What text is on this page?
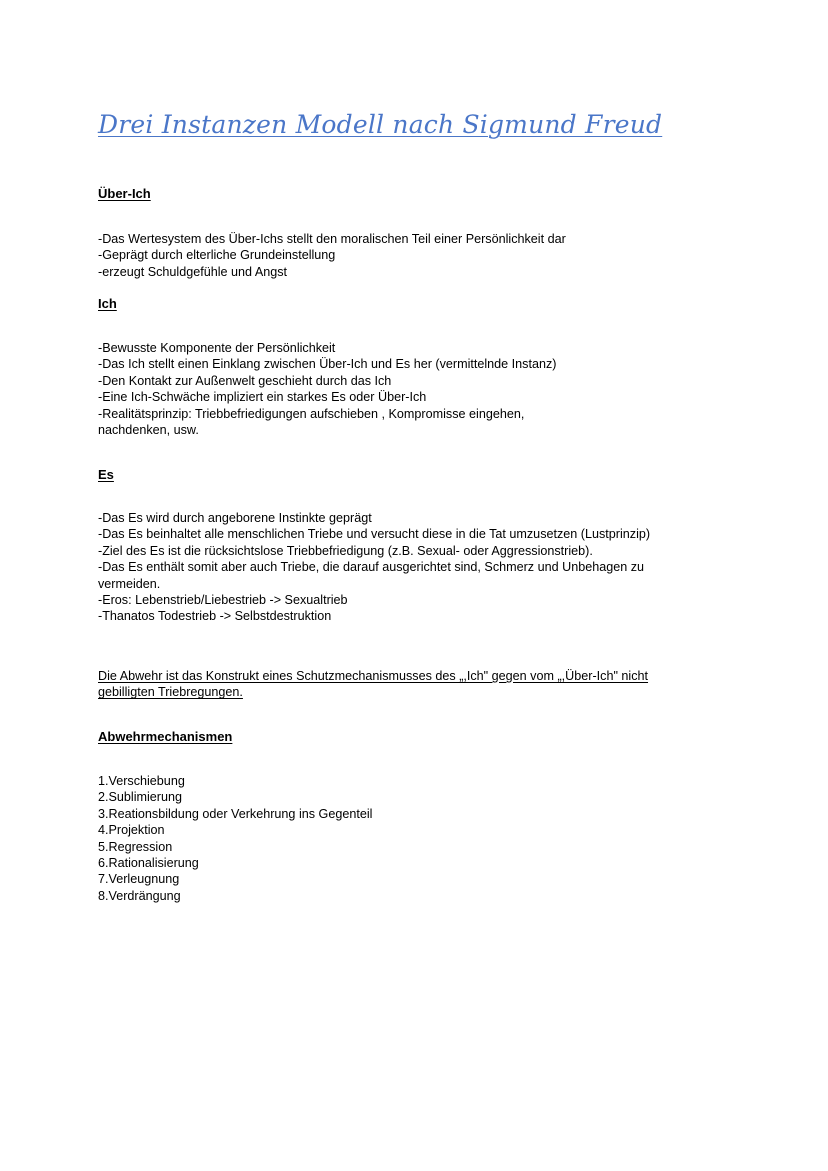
Drei Instanzen Modell nach Sigmund Freud
Über-Ich
-Das Wertesystem des Über-Ichs stellt den moralischen Teil einer Persönlichkeit dar
-Geprägt durch elterliche Grundeinstellung
-erzeugt Schuldgefühle und Angst
Ich
-Bewusste Komponente der Persönlichkeit
-Das Ich stellt einen Einklang zwischen Über-Ich und Es her (vermittelnde Instanz)
-Den Kontakt zur Außenwelt geschieht durch das Ich
-Eine Ich-Schwäche impliziert ein starkes Es oder Über-Ich
-Realitätsprinzip: Triebbefriedigungen aufschieben , Kompromisse eingehen,
nachdenken, usw.
Es
-Das Es wird durch angeborene Instinkte geprägt
-Das Es beinhaltet alle menschlichen Triebe und versucht diese in die Tat umzusetzen (Lustprinzip)
-Ziel des Es ist die rücksichtslose Triebbefriedigung (z.B. Sexual- oder Aggressionstrieb).
-Das Es enthält somit aber auch Triebe, die darauf ausgerichtet sind, Schmerz und Unbehagen zu
vermeiden.
-Eros: Lebenstrieb/Liebestrieb -> Sexualtrieb
-Thanatos Todestrieb -> Selbstdestruktion
Die Abwehr ist das Konstrukt eines Schutzmechanismusses des „,Ich" gegen vom „,Über-Ich" nicht gebilligten Triebregungen.
Abwehrmechanismen
1.Verschiebung
2.Sublimierung
3.Reationsbildung oder Verkehrung ins Gegenteil
4.Projektion
5.Regression
6.Rationalisierung
7.Verleugnung
8.Verdrängung
